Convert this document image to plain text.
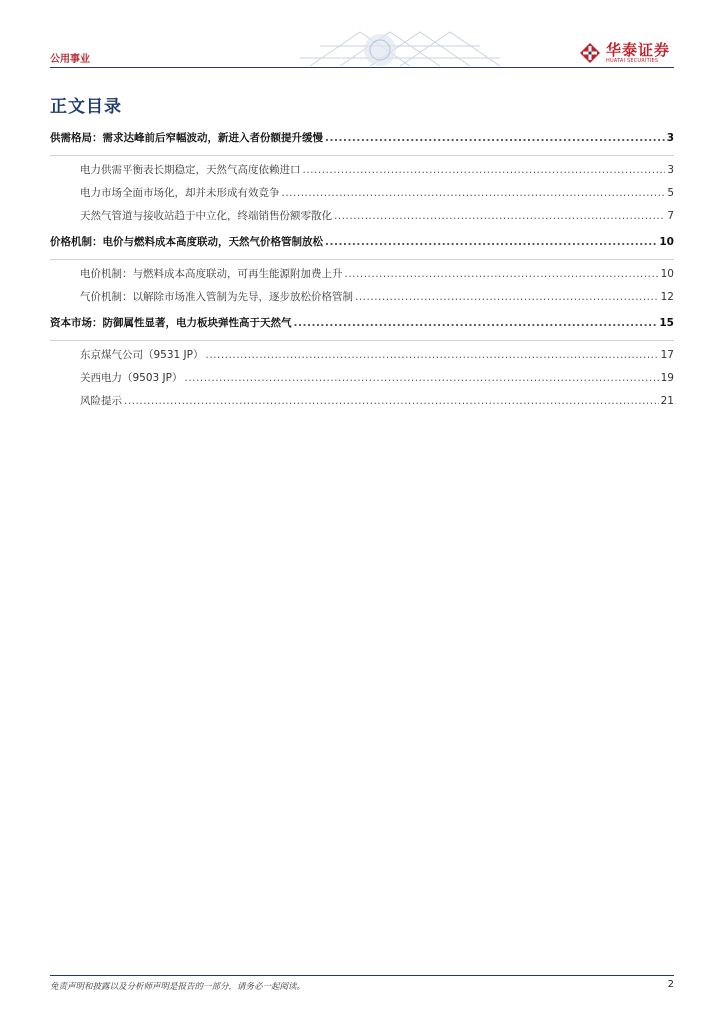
公用事业
华泰证券
HUATAI SECURITIES
正文目录
供需格局：需求达峰前后窄幅波动，新进入者份额提升缓慢 .....	3
电力供需平衡表长期稳定，天然气高度依赖进口 .....	3
电力市场全面市场化，却并未形成有效竞争 .....	5
天然气管道与接收站趋于中立化，终端销售份额零散化 .....	7
价格机制：电价与燃料成本高度联动，天然气价格管制放松 .....	10
电价机制：与燃料成本高度联动，可再生能源附加费上升 .....	10
气价机制：以解除市场准入管制为先导，逐步放松价格管制 .....	12
资本市场：防御属性显著，电力板块弹性高于天然气 .....	15
东京煤气公司（9531 JP） .....	17
关西电力（9503 JP） .....	19
风险提示 .....	21
免责声明和披露以及分析师声明是报告的一部分，请务必一起阅读。	2
